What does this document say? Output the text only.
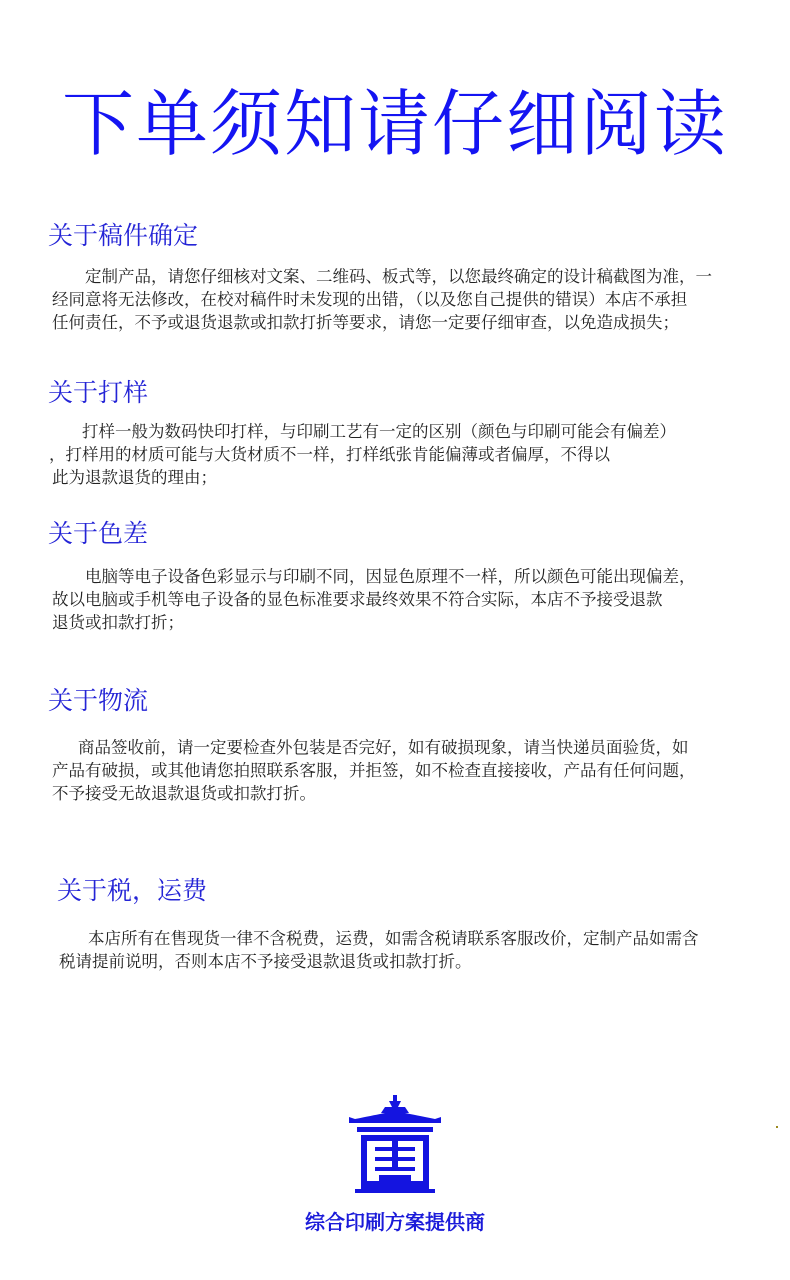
下单须知请仔细阅读
关于稿件确定
定制产品，请您仔细核对文案、二维码、板式等，以您最终确定的设计稿截图为准，一
经同意将无法修改，在校对稿件时未发现的出错，（以及您自己提供的错误）本店不承担
任何责任，不予或退货退款或扣款打折等要求，请您一定要仔细审查，以免造成损失；
关于打样
打样一般为数码快印打样，与印刷工艺有一定的区别（颜色与印刷可能会有偏差）
，打样用的材质可能与大货材质不一样，打样纸张肯能偏薄或者偏厚，不得以
此为退款退货的理由；
关于色差
电脑等电子设备色彩显示与印刷不同，因显色原理不一样，所以颜色可能出现偏差，
故以电脑或手机等电子设备的显色标准要求最终效果不符合实际，本店不予接受退款
退货或扣款打折；
关于物流
商品签收前，请一定要检查外包装是否完好，如有破损现象，请当快递员面验货，如
产品有破损，或其他请您拍照联系客服，并拒签，如不检查直接接收，产品有任何问题，
不予接受无故退款退货或扣款打折。
关于税，运费
本店所有在售现货一律不含税费，运费，如需含税请联系客服改价，定制产品如需含
税请提前说明，否则本店不予接受退款退货或扣款打折。
综合印刷方案提供商
